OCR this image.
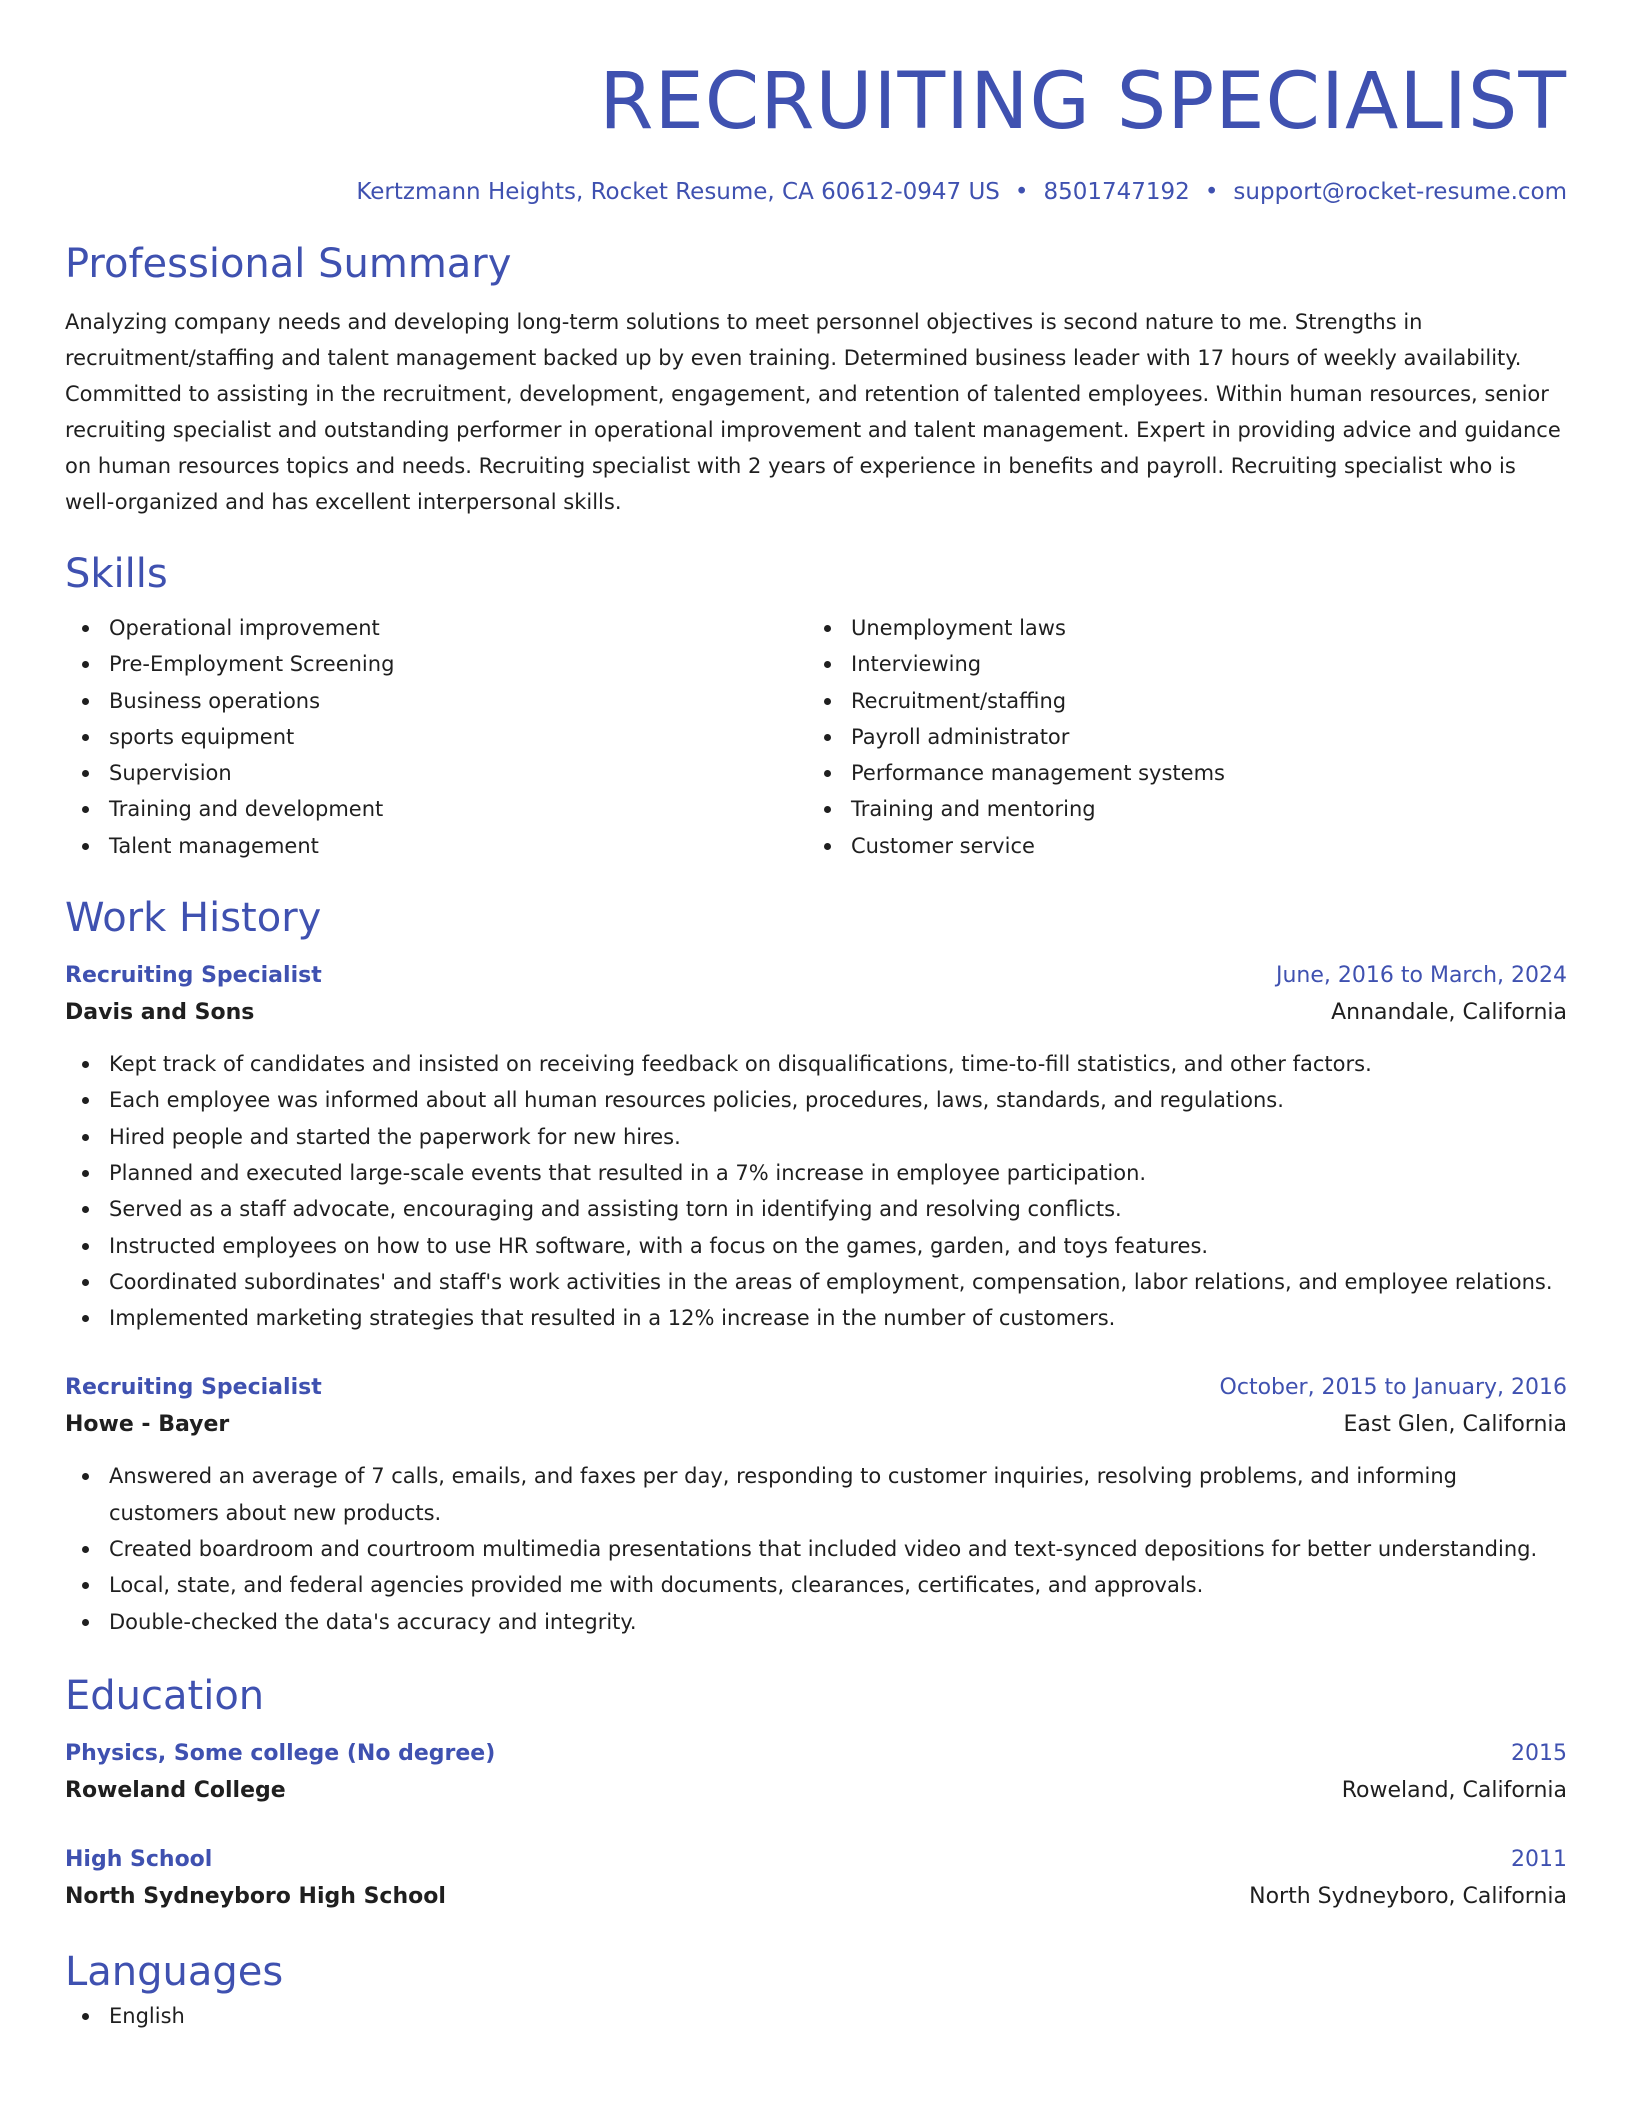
RECRUITING SPECIALIST
Kertzmann Heights, Rocket Resume, CA 60612-0947 US • 8501747192 • support@rocket-resume.com
Professional Summary
Analyzing company needs and developing long-term solutions to meet personnel objectives is second nature to me. Strengths in recruitment/staffing and talent management backed up by even training. Determined business leader with 17 hours of weekly availability. Committed to assisting in the recruitment, development, engagement, and retention of talented employees. Within human resources, senior recruiting specialist and outstanding performer in operational improvement and talent management. Expert in providing advice and guidance on human resources topics and needs. Recruiting specialist with 2 years of experience in benefits and payroll. Recruiting specialist who is well-organized and has excellent interpersonal skills.
Skills
Operational improvement
Pre-Employment Screening
Business operations
sports equipment
Supervision
Training and development
Talent management
Unemployment laws
Interviewing
Recruitment/staffing
Payroll administrator
Performance management systems
Training and mentoring
Customer service
Work History
Recruiting Specialist	June, 2016 to March, 2024
Davis and Sons	Annandale, California
Kept track of candidates and insisted on receiving feedback on disqualifications, time-to-fill statistics, and other factors.
Each employee was informed about all human resources policies, procedures, laws, standards, and regulations.
Hired people and started the paperwork for new hires.
Planned and executed large-scale events that resulted in a 7% increase in employee participation.
Served as a staff advocate, encouraging and assisting torn in identifying and resolving conflicts.
Instructed employees on how to use HR software, with a focus on the games, garden, and toys features.
Coordinated subordinates' and staff's work activities in the areas of employment, compensation, labor relations, and employee relations.
Implemented marketing strategies that resulted in a 12% increase in the number of customers.
Recruiting Specialist	October, 2015 to January, 2016
Howe - Bayer	East Glen, California
Answered an average of 7 calls, emails, and faxes per day, responding to customer inquiries, resolving problems, and informing customers about new products.
Created boardroom and courtroom multimedia presentations that included video and text-synced depositions for better understanding.
Local, state, and federal agencies provided me with documents, clearances, certificates, and approvals.
Double-checked the data's accuracy and integrity.
Education
Physics, Some college (No degree)	2015
Roweland College	Roweland, California
High School	2011
North Sydneyboro High School	North Sydneyboro, California
Languages
English
